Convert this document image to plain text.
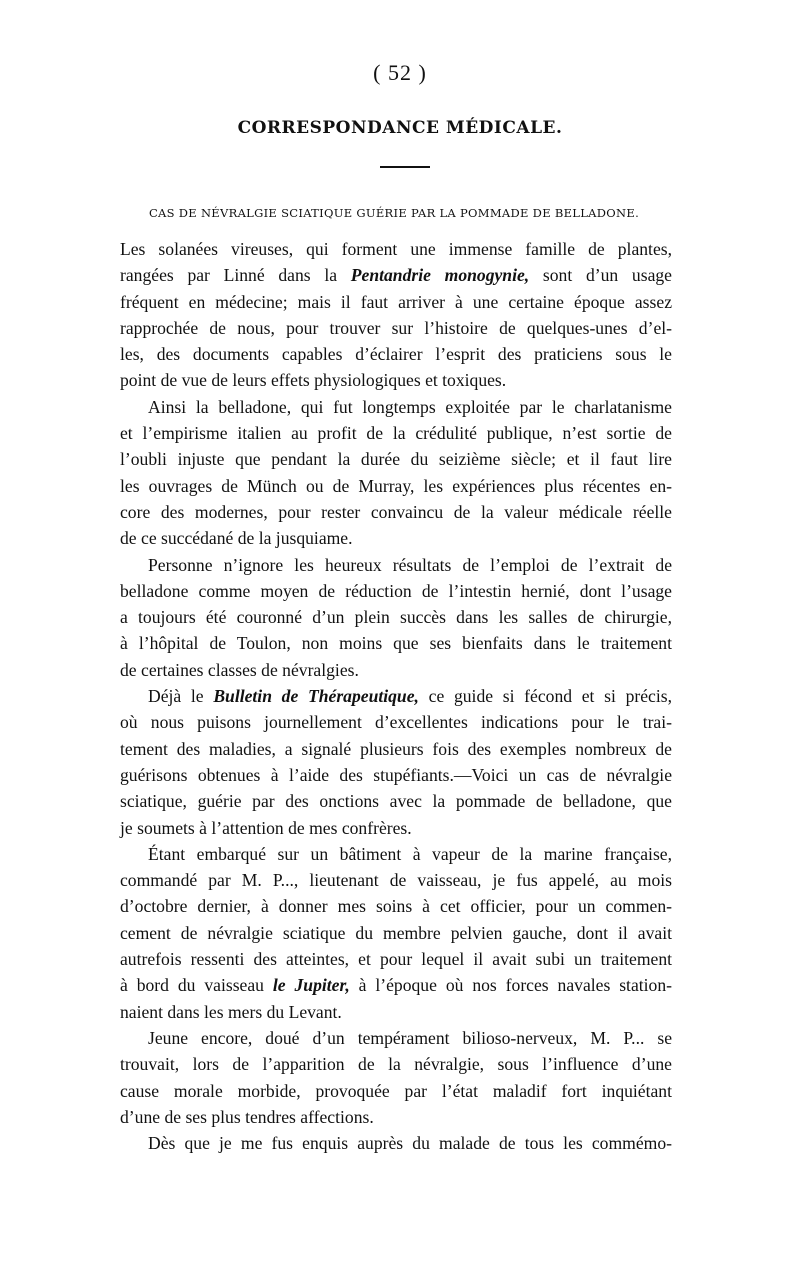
( 52 )
CORRESPONDANCE MÉDICALE.
CAS DE NÉVRALGIE SCIATIQUE GUÉRIE PAR LA POMMADE DE BELLADONE.
Les solanées vireuses, qui forment une immense famille de plantes,
rangées par Linné dans la Pentandrie monogynie, sont d’un usage
fréquent en médecine; mais il faut arriver à une certaine époque assez
rapprochée de nous, pour trouver sur l’histoire de quelques-unes d’el-
les, des documents capables d’éclairer l’esprit des praticiens sous le
point de vue de leurs effets physiologiques et toxiques.
Ainsi la belladone, qui fut longtemps exploitée par le charlatanisme
et l’empirisme italien au profit de la crédulité publique, n’est sortie de
l’oubli injuste que pendant la durée du seizième siècle; et il faut lire
les ouvrages de Münch ou de Murray, les expériences plus récentes en-
core des modernes, pour rester convaincu de la valeur médicale réelle
de ce succédané de la jusquiame.
Personne n’ignore les heureux résultats de l’emploi de l’extrait de
belladone comme moyen de réduction de l’intestin hernié, dont l’usage
a toujours été couronné d’un plein succès dans les salles de chirurgie,
à l’hôpital de Toulon, non moins que ses bienfaits dans le traitement
de certaines classes de névralgies.
Déjà le Bulletin de Thérapeutique, ce guide si fécond et si précis,
où nous puisons journellement d’excellentes indications pour le trai-
tement des maladies, a signalé plusieurs fois des exemples nombreux de
guérisons obtenues à l’aide des stupéfiants.—Voici un cas de névralgie
sciatique, guérie par des onctions avec la pommade de belladone, que
je soumets à l’attention de mes confrères.
Étant embarqué sur un bâtiment à vapeur de la marine française,
commandé par M. P..., lieutenant de vaisseau, je fus appelé, au mois
d’octobre dernier, à donner mes soins à cet officier, pour un commen-
cement de névralgie sciatique du membre pelvien gauche, dont il avait
autrefois ressenti des atteintes, et pour lequel il avait subi un traitement
à bord du vaisseau le Jupiter, à l’époque où nos forces navales station-
naient dans les mers du Levant.
Jeune encore, doué d’un tempérament bilioso-nerveux, M. P... se
trouvait, lors de l’apparition de la névralgie, sous l’influence d’une
cause morale morbide, provoquée par l’état maladif fort inquiétant
d’une de ses plus tendres affections.
Dès que je me fus enquis auprès du malade de tous les commémo-
